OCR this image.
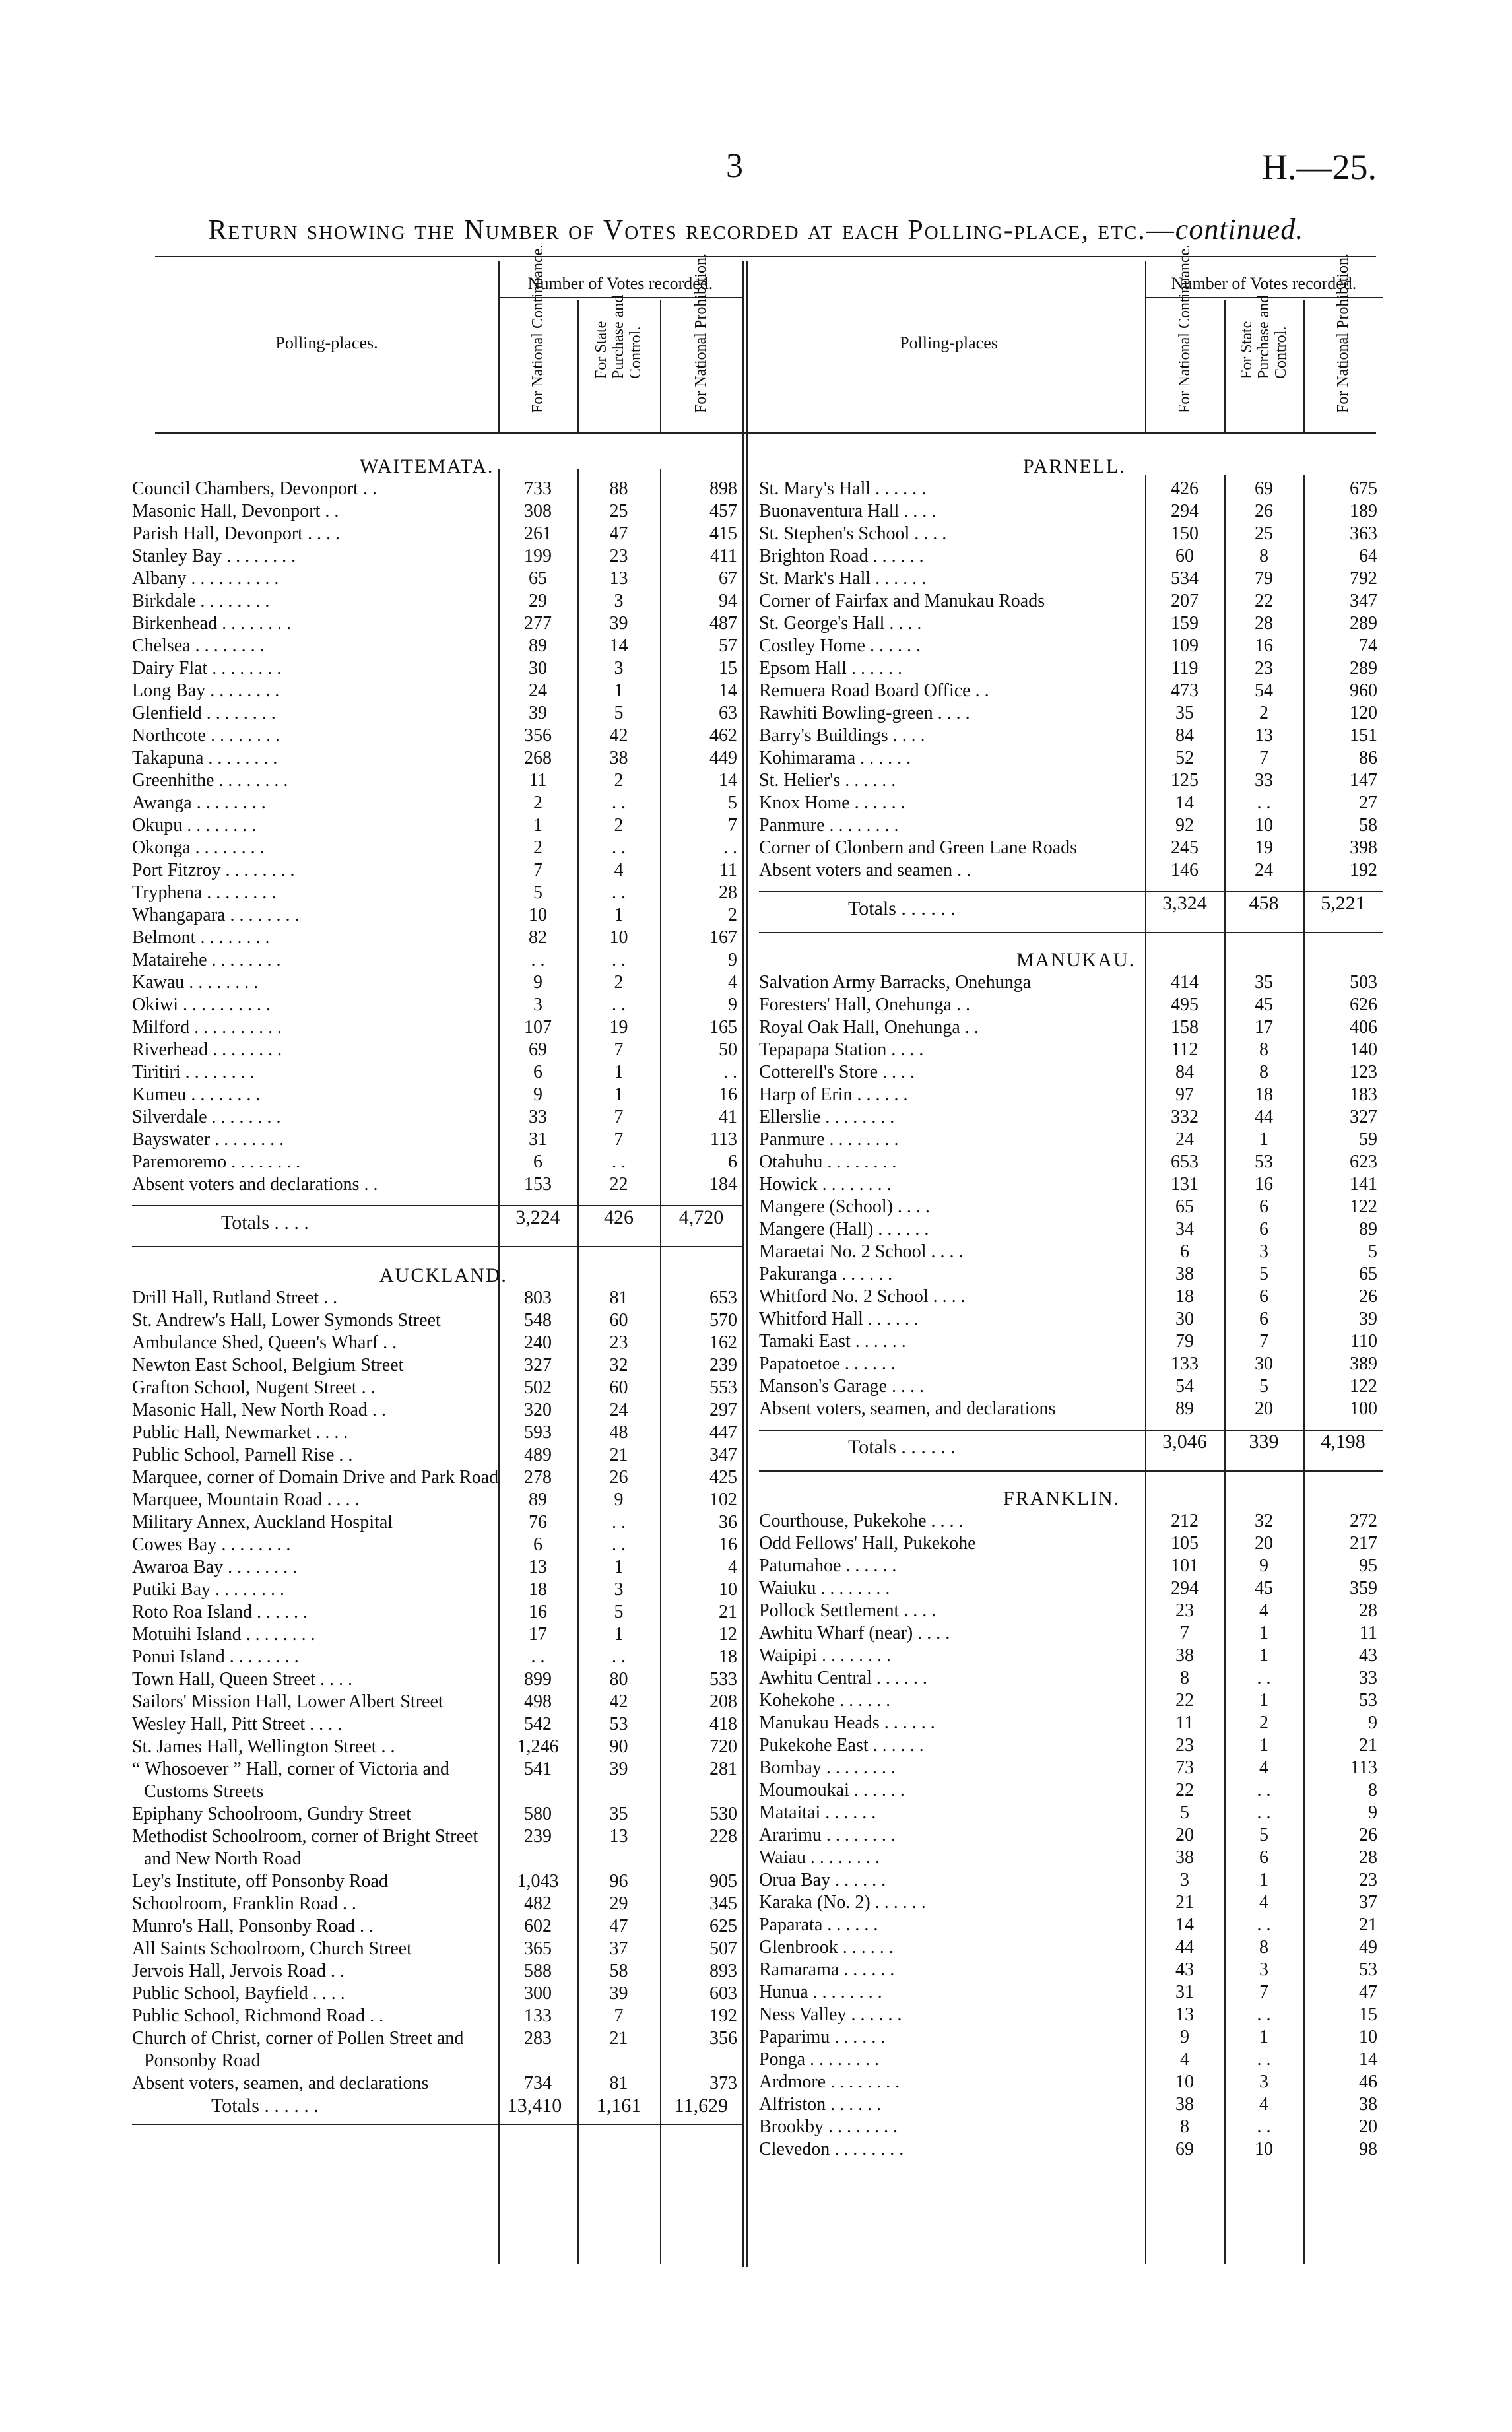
3	H.—25.
Return showing the Number of Votes recorded at each Polling-place, etc.—continued.
Number of Votes recorded.	Number of Votes recorded.
Polling-places.	Polling-places
For National Continuance.	For State
Purchase and
Control.	For National Prohibition.	For National Continuance.	For State
Purchase and
Control.	For National Prohibition.
WAITEMATA.
Council Chambers, Devonport . .	733	88	898
Masonic Hall, Devonport . .	308	25	457
Parish Hall, Devonport . . . .	261	47	415
Stanley Bay . . . . . . . .	199	23	411
Albany . . . . . . . . . .	65	13	67
Birkdale . . . . . . . .	29	3	94
Birkenhead . . . . . . . .	277	39	487
Chelsea . . . . . . . .	89	14	57
Dairy Flat . . . . . . . .	30	3	15
Long Bay . . . . . . . .	24	1	14
Glenfield . . . . . . . .	39	5	63
Northcote . . . . . . . .	356	42	462
Takapuna . . . . . . . .	268	38	449
Greenhithe . . . . . . . .	11	2	14
Awanga . . . . . . . .	2	. .	5
Okupu . . . . . . . .	1	2	7
Okonga . . . . . . . .	2	. .	. .
Port Fitzroy . . . . . . . .	7	4	11
Tryphena . . . . . . . .	5	. .	28
Whangapara . . . . . . . .	10	1	2
Belmont . . . . . . . .	82	10	167
Matairehe . . . . . . . .	. .	. .	9
Kawau . . . . . . . .	9	2	4
Okiwi . . . . . . . . . .	3	. .	9
Milford . . . . . . . . . .	107	19	165
Riverhead . . . . . . . .	69	7	50
Tiritiri . . . . . . . .	6	1	. .
Kumeu . . . . . . . .	9	1	16
Silverdale . . . . . . . .	33	7	41
Bayswater . . . . . . . .	31	7	113
Paremoremo . . . . . . . .	6	. .	6
Absent voters and declarations . .	153	22	184
Totals . . . .	3,224	426	4,720
AUCKLAND.
Drill Hall, Rutland Street . .	803	81	653
St. Andrew's Hall, Lower Symonds Street	548	60	570
Ambulance Shed, Queen's Wharf . .	240	23	162
Newton East School, Belgium Street	327	32	239
Grafton School, Nugent Street . .	502	60	553
Masonic Hall, New North Road . .	320	24	297
Public Hall, Newmarket . . . .	593	48	447
Public School, Parnell Rise . .	489	21	347
Marquee, corner of Domain Drive and Park Road	278	26	425
Marquee, Mountain Road . . . .	89	9	102
Military Annex, Auckland Hospital	76	. .	36
Cowes Bay . . . . . . . .	6	. .	16
Awaroa Bay . . . . . . . .	13	1	4
Putiki Bay . . . . . . . .	18	3	10
Roto Roa Island . . . . . .	16	5	21
Motuihi Island . . . . . . . .	17	1	12
Ponui Island . . . . . . . .	. .	. .	18
Town Hall, Queen Street . . . .	899	80	533
Sailors' Mission Hall, Lower Albert Street	498	42	208
Wesley Hall, Pitt Street . . . .	542	53	418
St. James Hall, Wellington Street . .	1,246	90	720
“ Whosoever ” Hall, corner of Victoria and Customs Streets
541	39	281
Epiphany Schoolroom, Gundry Street	580	35	530
Methodist Schoolroom, corner of Bright Street and New North Road
239	13	228
Ley's Institute, off Ponsonby Road	1,043	96	905
Schoolroom, Franklin Road . .	482	29	345
Munro's Hall, Ponsonby Road . .	602	47	625
All Saints Schoolroom, Church Street	365	37	507
Jervois Hall, Jervois Road . .	588	58	893
Public School, Bayfield . . . .	300	39	603
Public School, Richmond Road . .	133	7	192
Church of Christ, corner of Pollen Street and Ponsonby Road
283	21	356
Absent voters, seamen, and declarations	734	81	373
Totals . . . . . .	13,410	1,161	11,629
PARNELL.
St. Mary's Hall . . . . . .	426	69	675
Buonaventura Hall . . . .	294	26	189
St. Stephen's School . . . .	150	25	363
Brighton Road . . . . . .	60	8	64
St. Mark's Hall . . . . . .	534	79	792
Corner of Fairfax and Manukau Roads	207	22	347
St. George's Hall . . . .	159	28	289
Costley Home . . . . . .	109	16	74
Epsom Hall . . . . . .	119	23	289
Remuera Road Board Office . .	473	54	960
Rawhiti Bowling-green . . . .	35	2	120
Barry's Buildings . . . .	84	13	151
Kohimarama . . . . . .	52	7	86
St. Helier's . . . . . .	125	33	147
Knox Home . . . . . .	14	. .	27
Panmure . . . . . . . .	92	10	58
Corner of Clonbern and Green Lane Roads	245	19	398
Absent voters and seamen . .	146	24	192
Totals . . . . . .	3,324	458	5,221
MANUKAU.
Salvation Army Barracks, Onehunga	414	35	503
Foresters' Hall, Onehunga . .	495	45	626
Royal Oak Hall, Onehunga . .	158	17	406
Tepapapa Station . . . .	112	8	140
Cotterell's Store . . . .	84	8	123
Harp of Erin . . . . . .	97	18	183
Ellerslie . . . . . . . .	332	44	327
Panmure . . . . . . . .	24	1	59
Otahuhu . . . . . . . .	653	53	623
Howick . . . . . . . .	131	16	141
Mangere (School) . . . .	65	6	122
Mangere (Hall) . . . . . .	34	6	89
Maraetai No. 2 School . . . .	6	3	5
Pakuranga . . . . . .	38	5	65
Whitford No. 2 School . . . .	18	6	26
Whitford Hall . . . . . .	30	6	39
Tamaki East . . . . . .	79	7	110
Papatoetoe . . . . . .	133	30	389
Manson's Garage . . . .	54	5	122
Absent voters, seamen, and declarations	89	20	100
Totals . . . . . .	3,046	339	4,198
FRANKLIN.
Courthouse, Pukekohe . . . .	212	32	272
Odd Fellows' Hall, Pukekohe	105	20	217
Patumahoe . . . . . .	101	9	95
Waiuku . . . . . . . .	294	45	359
Pollock Settlement . . . .	23	4	28
Awhitu Wharf (near) . . . .	7	1	11
Waipipi . . . . . . . .	38	1	43
Awhitu Central . . . . . .	8	. .	33
Kohekohe . . . . . .	22	1	53
Manukau Heads . . . . . .	11	2	9
Pukekohe East . . . . . .	23	1	21
Bombay . . . . . . . .	73	4	113
Moumoukai . . . . . .	22	. .	8
Mataitai . . . . . .	5	. .	9
Ararimu . . . . . . . .	20	5	26
Waiau . . . . . . . .	38	6	28
Orua Bay . . . . . .	3	1	23
Karaka (No. 2) . . . . . .	21	4	37
Paparata . . . . . .	14	. .	21
Glenbrook . . . . . .	44	8	49
Ramarama . . . . . .	43	3	53
Hunua . . . . . . . .	31	7	47
Ness Valley . . . . . .	13	. .	15
Paparimu . . . . . .	9	1	10
Ponga . . . . . . . .	4	. .	14
Ardmore . . . . . . . .	10	3	46
Alfriston . . . . . .	38	4	38
Brookby . . . . . . . .	8	. .	20
Clevedon . . . . . . . .	69	10	98
